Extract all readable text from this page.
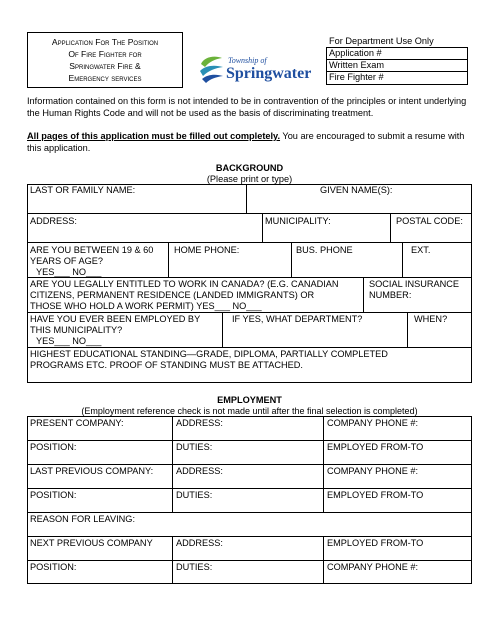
Application For The Position
Of Fire Fighter for
Springwater Fire &
Emergency services
Township of
Springwater
For Department Use Only
Application #
Written Exam
Fire Fighter #
Information contained on this form is not intended to be in contravention of the principles or intent underlying the Human Rights Code and will not be used as the basis of discriminating treatment.
All pages of this application must be filled out completely. You are encouraged to submit a resume with this application.
BACKGROUND
(Please print or type)
LAST OR FAMILY NAME:	GIVEN NAME(S):
ADDRESS:	MUNICIPALITY:	POSTAL CODE:
ARE YOU BETWEEN 19 & 60
YEARS OF AGE?
YES___ NO___
HOME PHONE:	BUS. PHONE	EXT.
ARE YOU LEGALLY ENTITLED TO WORK IN CANADA? (E.G. CANADIAN
CITIZENS, PERMANENT RESIDENCE (LANDED IMMIGRANTS) OR
THOSE WHO HOLD A WORK PERMIT) YES___ NO___
SOCIAL INSURANCE
NUMBER:
HAVE YOU EVER BEEN EMPLOYED BY
THIS MUNICIPALITY?
YES___ NO___
IF YES, WHAT DEPARTMENT?	WHEN?
HIGHEST EDUCATIONAL STANDING—GRADE, DIPLOMA, PARTIALLY COMPLETED
PROGRAMS ETC. PROOF OF STANDING MUST BE ATTACHED.
EMPLOYMENT
(Employment reference check is not made until after the final selection is completed)
PRESENT COMPANY:	ADDRESS:	COMPANY PHONE #:
POSITION:	DUTIES:	EMPLOYED FROM-TO
LAST PREVIOUS COMPANY: ADDRESS:	COMPANY PHONE #:
POSITION:	DUTIES:	EMPLOYED FROM-TO
REASON FOR LEAVING:
NEXT PREVIOUS COMPANY	ADDRESS:	EMPLOYED FROM-TO
POSITION:	DUTIES:	COMPANY PHONE #:
